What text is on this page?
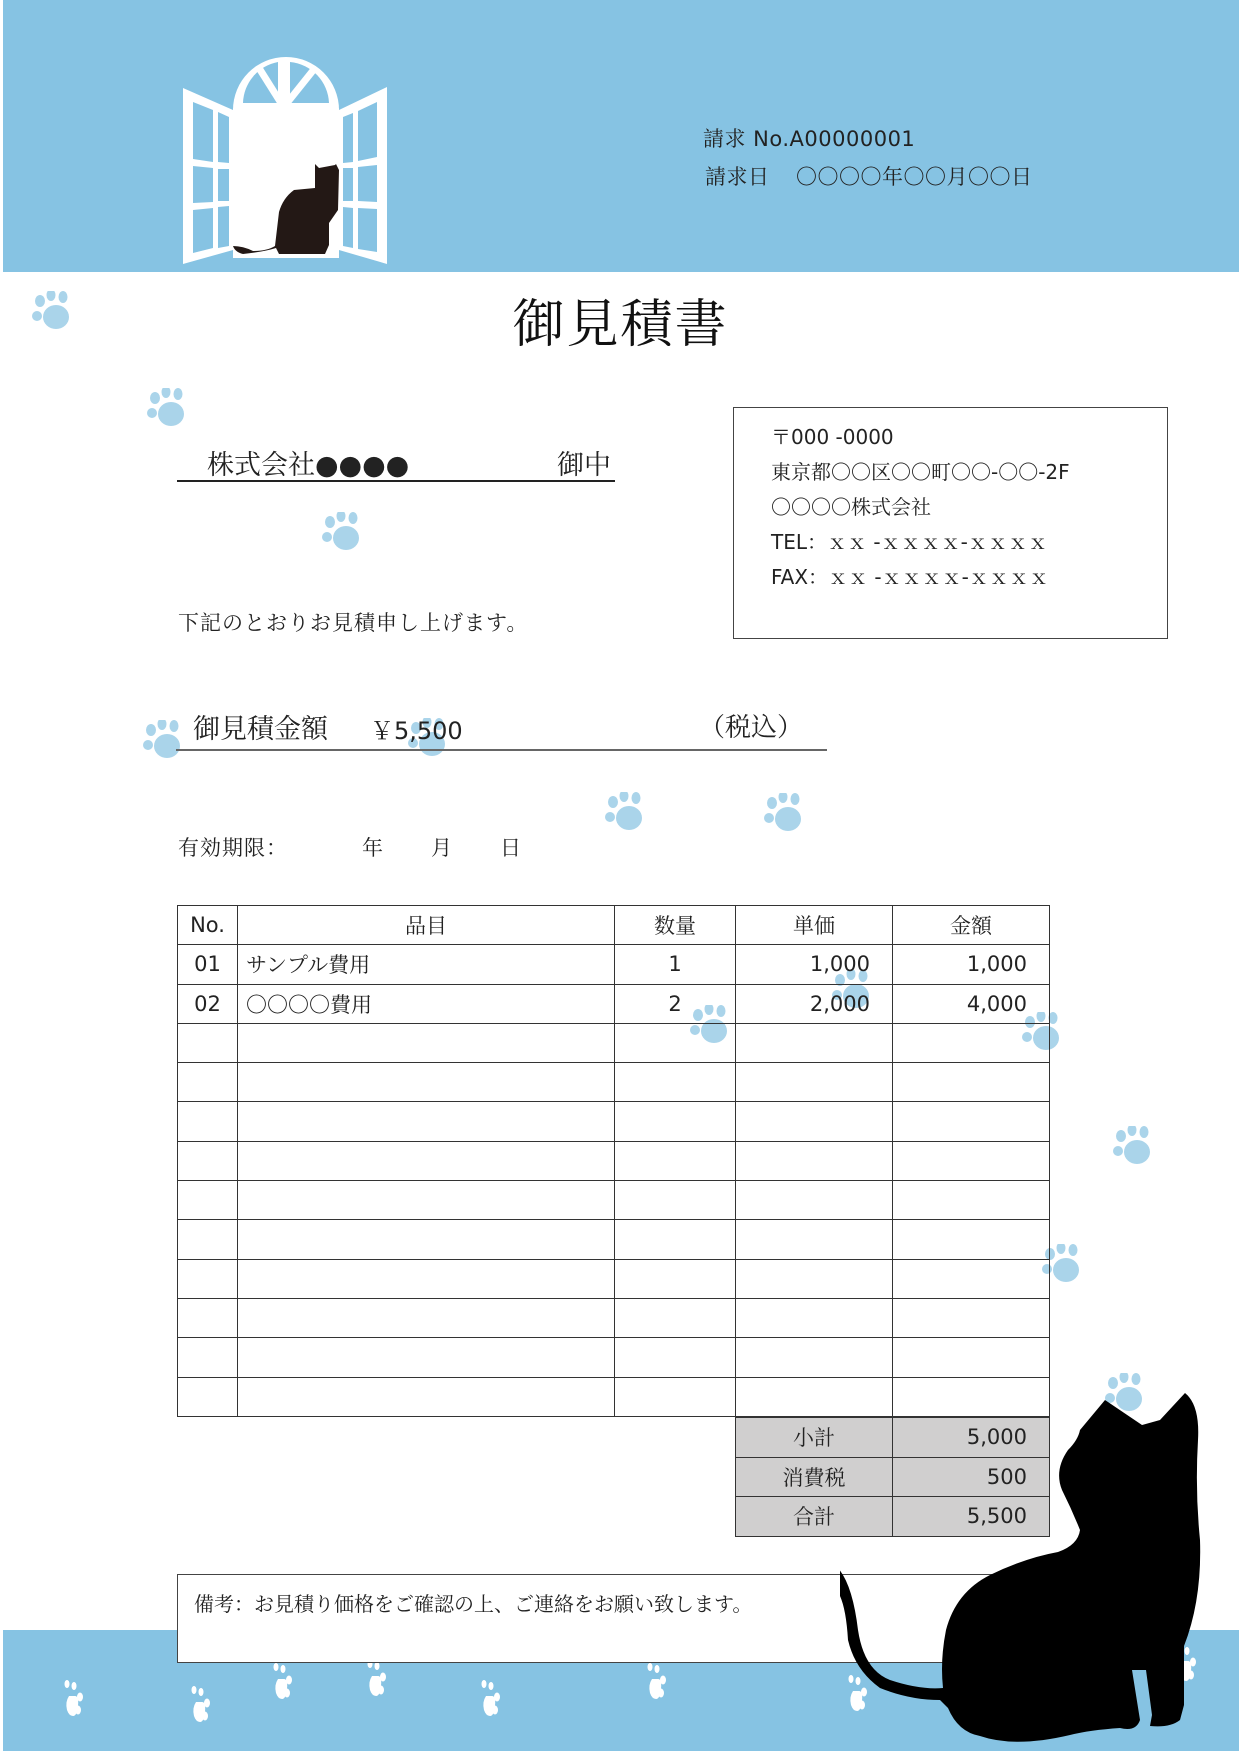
請求 No.A00000001
請求日 〇〇〇〇年〇〇月〇〇日
御見積書
株式会社●●●●	御中
下記のとおりお見積申し上げます。
〒000 -0000
東京都〇〇区〇〇町〇〇-〇〇-2F
〇〇〇〇株式会社
TEL：ｘｘ -ｘｘｘｘ-ｘｘｘｘ
FAX：ｘｘ -ｘｘｘｘ-ｘｘｘｘ
御見積金額 ￥5,500	（税込）
有効期限：	年 月 日
No.	品目	数量	単価	金額
01	サンプル費用	1	1,000	1,000
02	〇〇〇〇費用	2	2,000	4,000

小計	5,000
消費税	500
合計	5,500
備考：お見積り価格をご確認の上、ご連絡をお願い致します。
